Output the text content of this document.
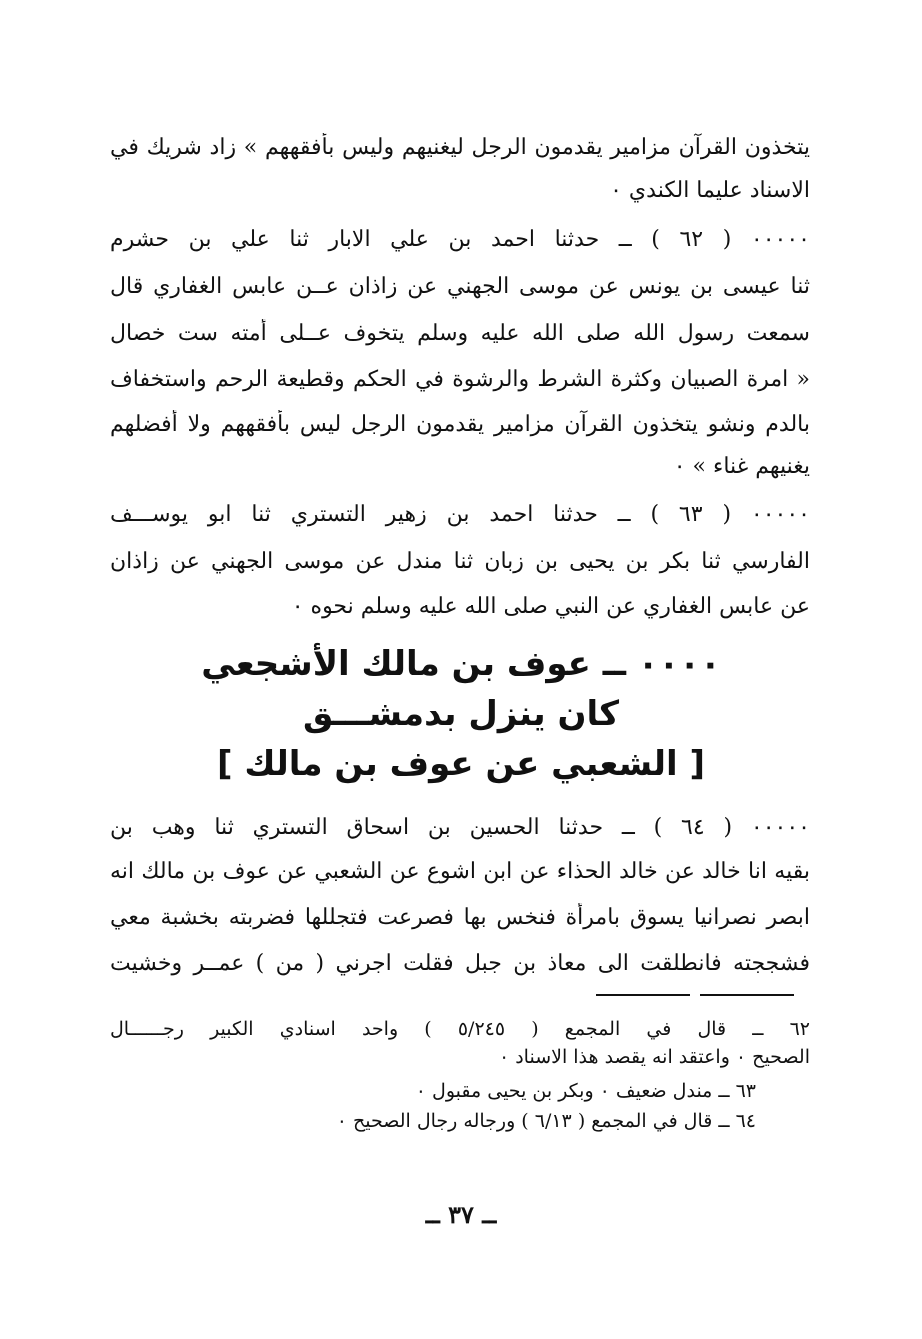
يتخذون القرآن مزامير يقدمون الرجل ليغنيهم وليس بأفقههم » زاد شريك في
الاسناد عليما الكندي ٠
٠٠٠٠٠ ( ٦٢ ) ــ حدثنا احمد بن علي الابار ثنا علي بن حشرم
ثنا عيسى بن يونس عن موسى الجهني عن زاذان عــن عابس الغفاري قال
سمعت رسول الله صلى الله عليه وسلم يتخوف عــلى أمته ست خصال
« امرة الصبيان وكثرة الشرط والرشوة في الحكم وقطيعة الرحم واستخفاف
بالدم ونشو يتخذون القرآن مزامير يقدمون الرجل ليس بأفقههم ولا أفضلهم
يغنيهم غناء » ٠
٠٠٠٠٠ ( ٦٣ ) ــ حدثنا احمد بن زهير التستري ثنا ابو يوســـف
الفارسي ثنا بكر بن يحيى بن زبان ثنا مندل عن موسى الجهني عن زاذان
عن عابس الغفاري عن النبي صلى الله عليه وسلم نحوه ٠
٠٠٠٠ ــ عوف بن مالك الأشجعي
كان ينزل بدمشـــق
[ الشعبي عن عوف بن مالك ]
٠٠٠٠٠ ( ٦٤ ) ــ حدثنا الحسين بن اسحاق التستري ثنا وهب بن
بقيه انا خالد عن خالد الحذاء عن ابن اشوع عن الشعبي عن عوف بن مالك انه
ابصر نصرانيا يسوق بامرأة فنخس بها فصرعت فتجللها فضربته بخشبة معي
فشججته فانطلقت الى معاذ بن جبل فقلت اجرني ( من ) عمــر وخشيت
٦٢ ــ قال في المجمع ( ٥/٢٤٥ ) واحد اسنادي الكبير رجــــــال
الصحيح ٠ واعتقد انه يقصد هذا الاسناد ٠
٦٣ ــ مندل ضعيف ٠ وبكر بن يحيى مقبول ٠
٦٤ ــ قال في المجمع ( ٦/١٣ ) ورجاله رجال الصحيح ٠
ــ ٣٧ ــ
